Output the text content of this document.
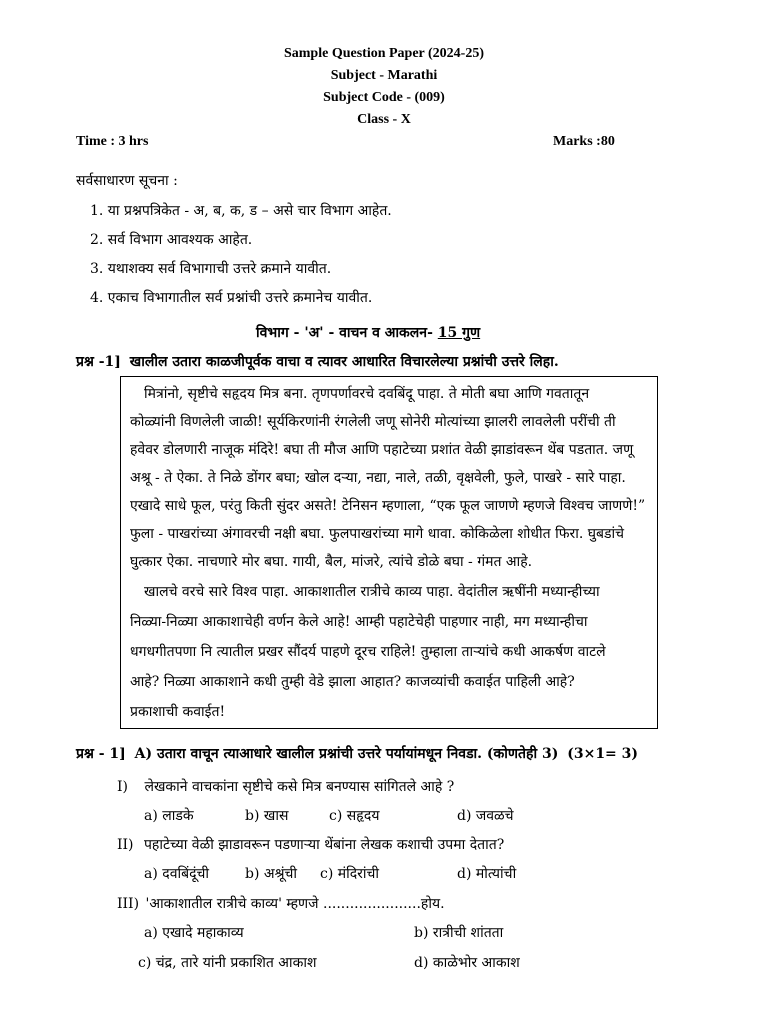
Sample Question Paper (2024-25)
Subject - Marathi
Subject Code - (009)
Class - X
Time : 3 hrs	Marks :80
सर्वसाधारण सूचना :
1. या प्रश्नपत्रिकेत - अ, ब, क, ड – असे चार विभाग आहेत.
2. सर्व विभाग आवश्यक आहेत.
3. यथाशक्य सर्व विभागाची उत्तरे क्रमाने यावीत.
4. एकाच विभागातील सर्व प्रश्नांची उत्तरे क्रमानेच यावीत.
विभाग - 'अ' - वाचन व आकलन- 15 गुण
प्रश्न -1] खालील उतारा काळजीपूर्वक वाचा व त्यावर आधारित विचारलेल्या प्रश्नांची उत्तरे लिहा.
मित्रांनो, सृष्टीचे सहृदय मित्र बना. तृणपर्णावरचे दवबिंदू पाहा. ते मोती बघा आणि गवतातून
कोळ्यांनी विणलेली जाळी! सूर्यकिरणांनी रंगलेली जणू सोनेरी मोत्यांच्या झालरी लावलेली परींची ती
हवेवर डोलणारी नाजूक मंदिरे! बघा ती मौज आणि पहाटेच्या प्रशांत वेळी झाडांवरून थेंब पडतात. जणू
अश्रू - ते ऐका. ते निळे डोंगर बघा; खोल दऱ्या, नद्या, नाले, तळी, वृक्षवेली, फुले, पाखरे - सारे पाहा.
एखादे साधे फूल, परंतु किती सुंदर असते! टेनिसन म्हणाला, “एक फूल जाणणे म्हणजे विश्वच जाणणे!”
फुला - पाखरांच्या अंगावरची नक्षी बघा. फुलपाखरांच्या मागे धावा. कोकिळेला शोधीत फिरा. घुबडांचे
घुत्कार ऐका. नाचणारे मोर बघा. गायी, बैल, मांजरे, त्यांचे डोळे बघा - गंमत आहे.
खालचे वरचे सारे विश्व पाहा. आकाशातील रात्रीचे काव्य पाहा. वेदांतील ऋषींनी मध्यान्हीच्या
निळ्या-निळ्या आकाशाचेही वर्णन केले आहे! आम्ही पहाटेचेही पाहणार नाही, मग मध्यान्हीचा
धगधगीतपणा नि त्यातील प्रखर सौंदर्य पाहणे दूरच राहिले! तुम्हाला ताऱ्यांचे कधी आकर्षण वाटले
आहे? निळ्या आकाशाने कधी तुम्ही वेडे झाला आहात? काजव्यांची कवाईत पाहिली आहे?
प्रकाशाची कवाईत!
प्रश्न - 1] A) उतारा वाचून त्याआधारे खालील प्रश्नांची उत्तरे पर्यायांमधून निवडा. (कोणतेही 3) (3×1= 3)
I) लेखकाने वाचकांना सृष्टीचे कसे मित्र बनण्यास सांगितले आहे ?
a) लाडके	b) खास	c) सहृदय	d) जवळचे
II) पहाटेच्या वेळी झाडावरून पडणाऱ्या थेंबांना लेखक कशाची उपमा देतात?
a) दवबिंदूंची	b) अश्रूंची c) मंदिरांची	d) मोत्यांची
III) 'आकाशातील रात्रीचे काव्य' म्हणजे ......................होय.
a) एखादे महाकाव्य	b) रात्रीची शांतता
c) चंद्र, तारे यांनी प्रकाशित आकाश	d) काळेभोर आकाश
